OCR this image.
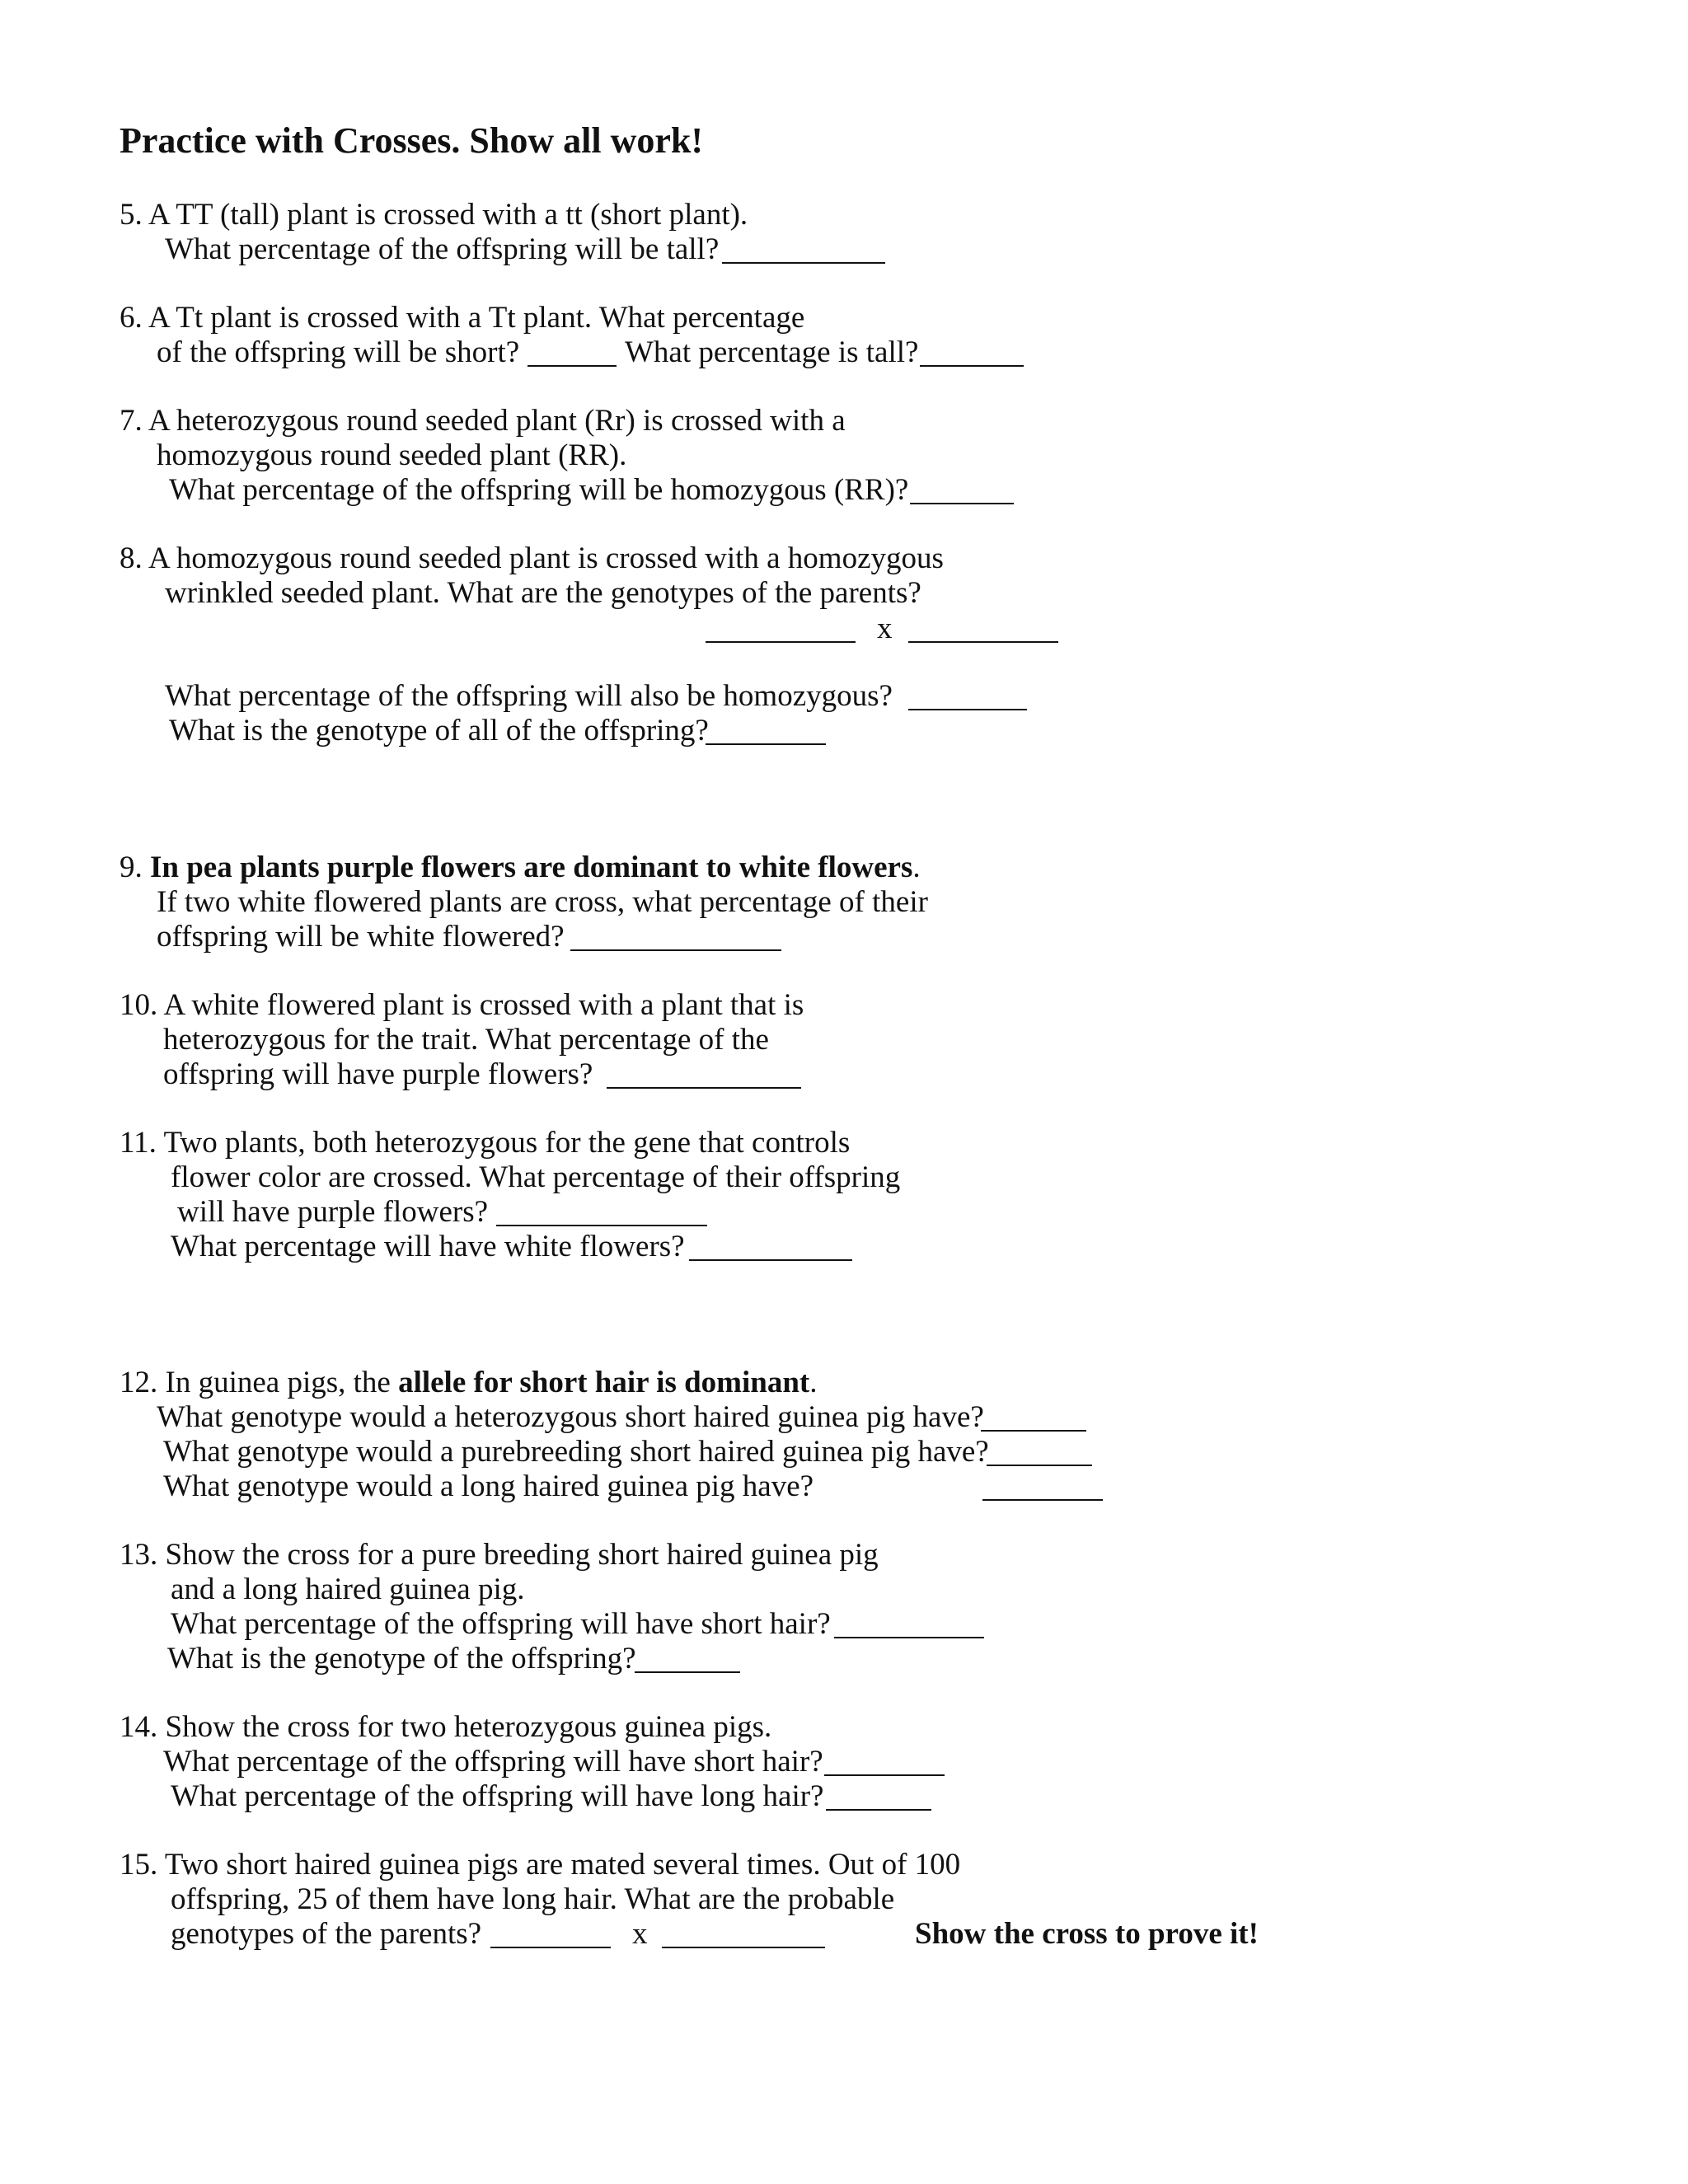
Practice with Crosses. Show all work!
5. A TT (tall) plant is crossed with a tt (short plant).
What percentage of the offspring will be tall?
6. A Tt plant is crossed with a Tt plant. What percentage
of the offspring will be short?	What percentage is tall?
7. A heterozygous round seeded plant (Rr) is crossed with a
homozygous round seeded plant (RR).
What percentage of the offspring will be homozygous (RR)?
8. A homozygous round seeded plant is crossed with a homozygous
wrinkled seeded plant. What are the genotypes of the parents?
x
What percentage of the offspring will also be homozygous?
What is the genotype of all of the offspring?
9. In pea plants purple flowers are dominant to white flowers.
If two white flowered plants are cross, what percentage of their
offspring will be white flowered?
10. A white flowered plant is crossed with a plant that is
heterozygous for the trait. What percentage of the
offspring will have purple flowers?
11. Two plants, both heterozygous for the gene that controls
flower color are crossed. What percentage of their offspring
will have purple flowers?
What percentage will have white flowers?
12. In guinea pigs, the allele for short hair is dominant.
What genotype would a heterozygous short haired guinea pig have?
What genotype would a purebreeding short haired guinea pig have?
What genotype would a long haired guinea pig have?
13. Show the cross for a pure breeding short haired guinea pig
and a long haired guinea pig.
What percentage of the offspring will have short hair?
What is the genotype of the offspring?
14. Show the cross for two heterozygous guinea pigs.
What percentage of the offspring will have short hair?
What percentage of the offspring will have long hair?
15. Two short haired guinea pigs are mated several times. Out of 100
offspring, 25 of them have long hair. What are the probable
genotypes of the parents?	x	Show the cross to prove it!
